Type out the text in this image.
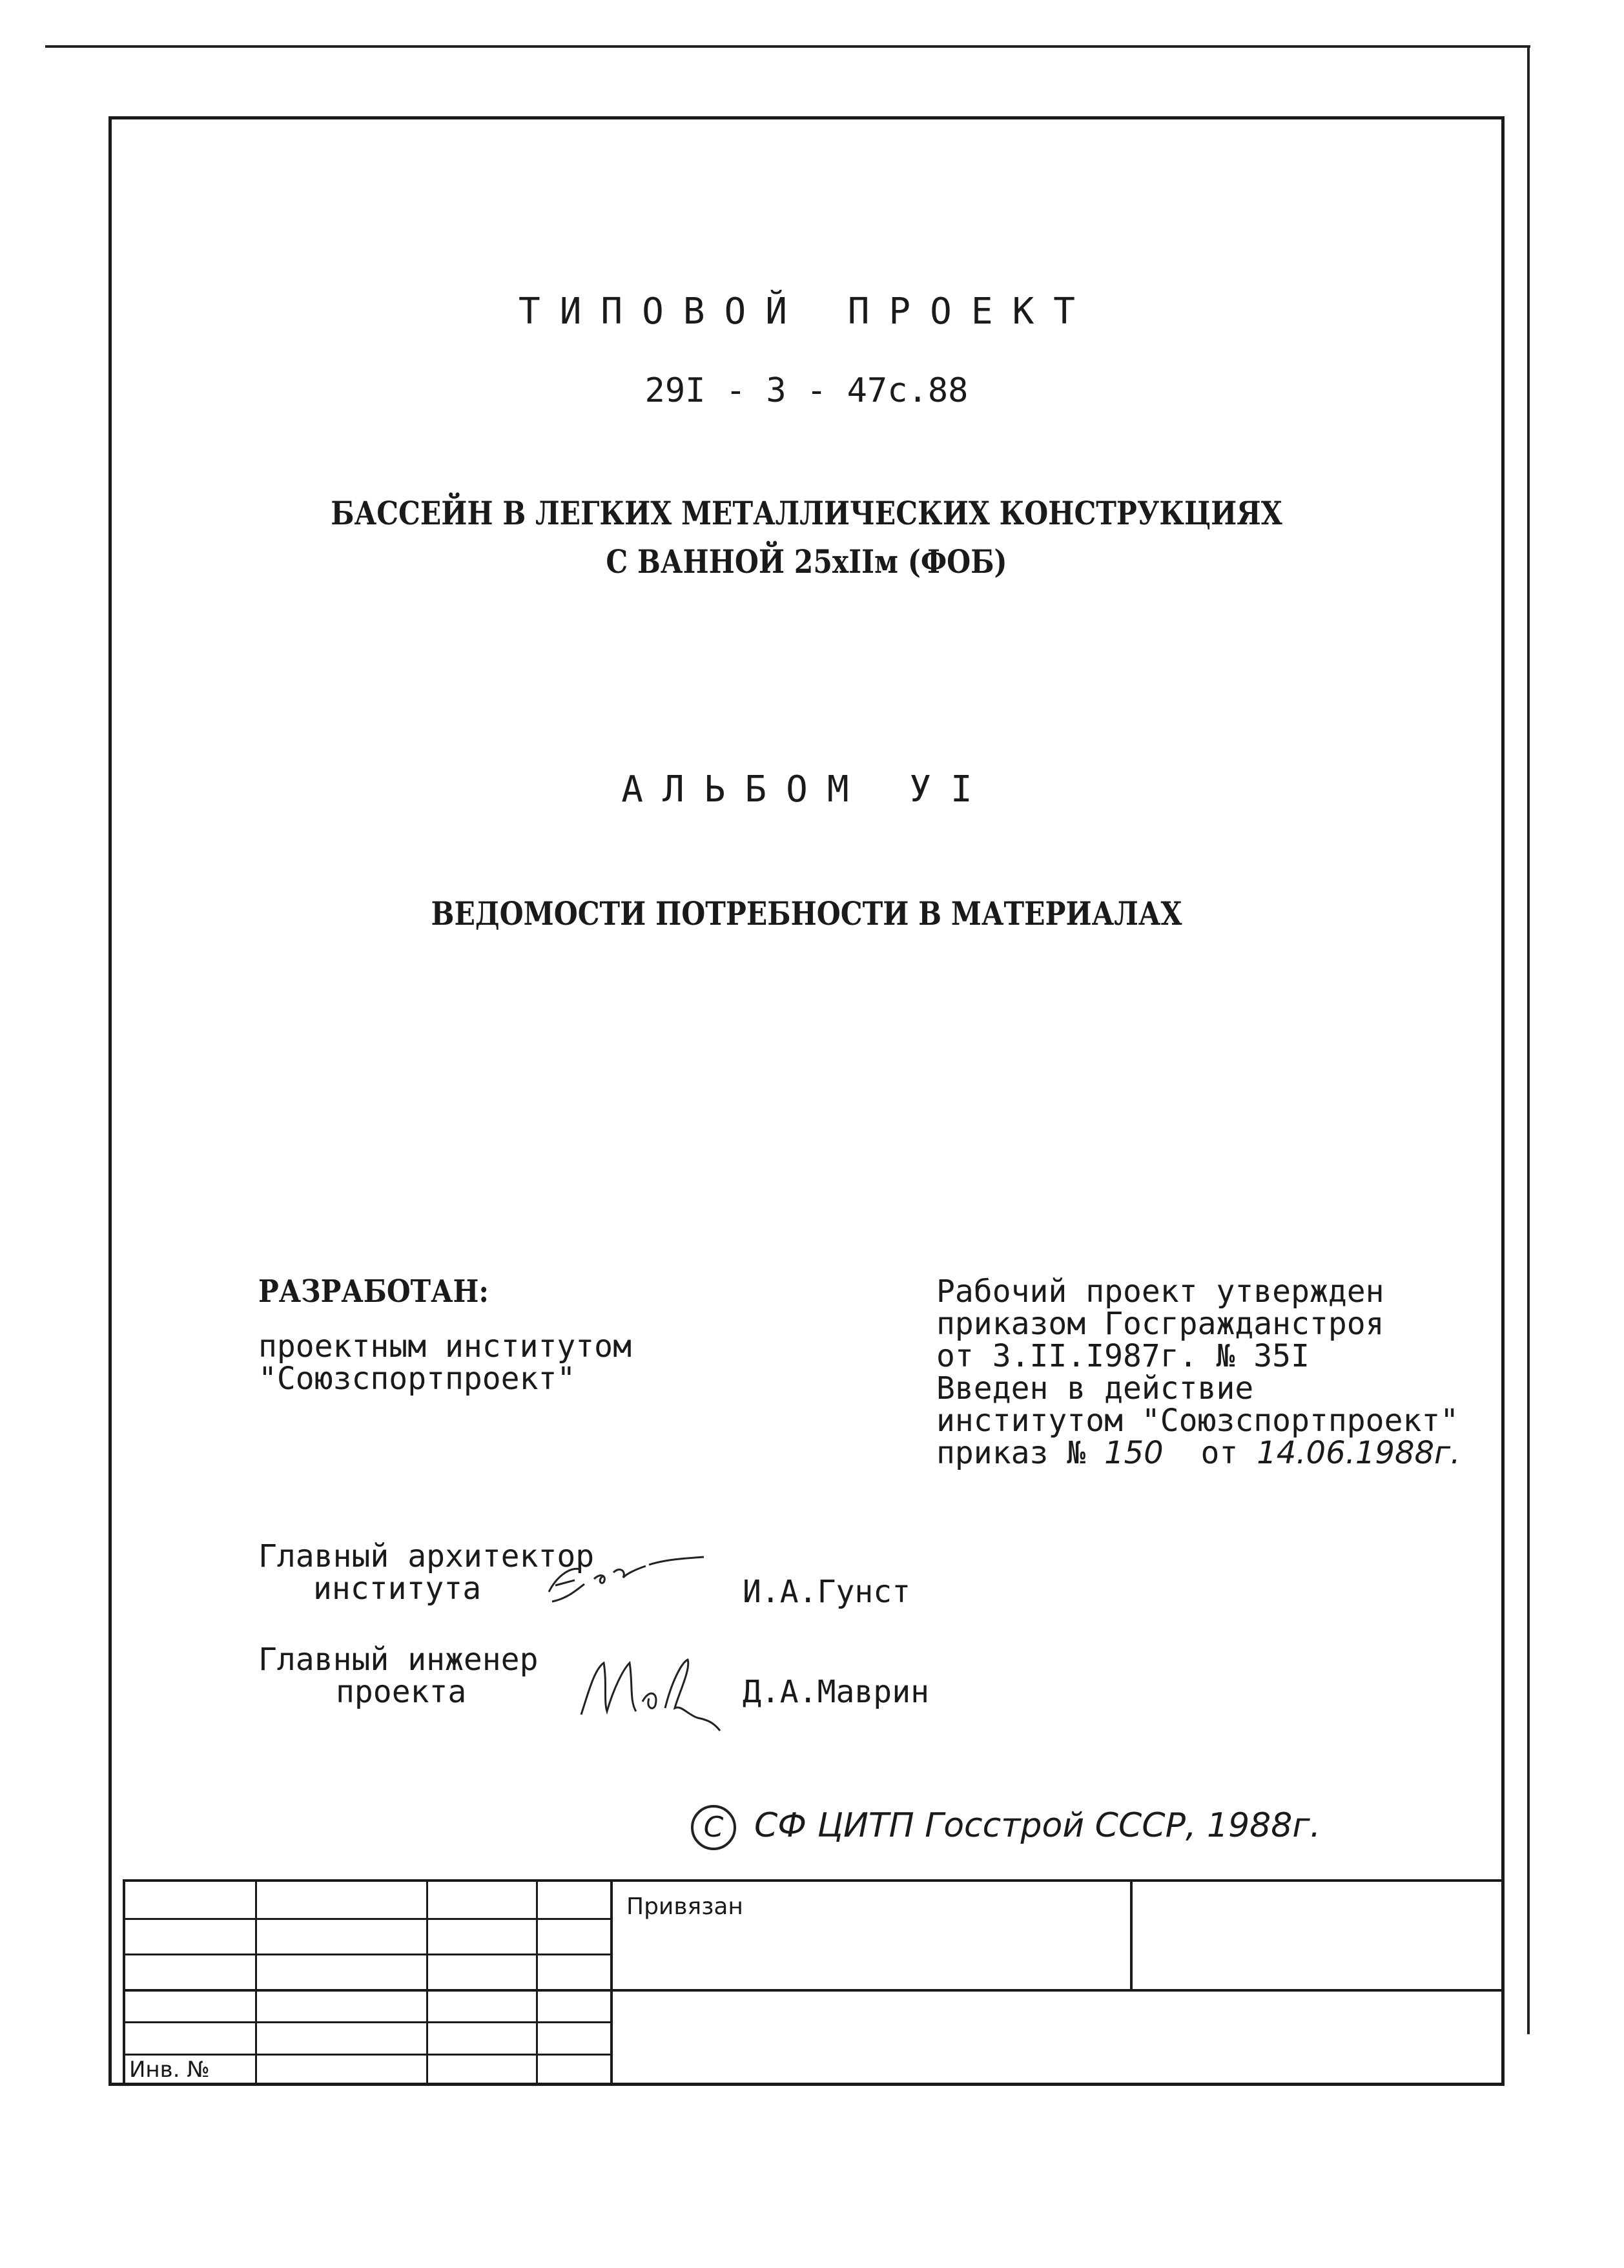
ТИПОВОЙ ПРОЕКТ
29I - 3 - 47с.88
БАССЕЙН В ЛЕГКИХ МЕТАЛЛИЧЕСКИХ КОНСТРУКЦИЯХ
С ВАННОЙ 25хIIм (ФОБ)
АЛЬБОМ УI
ВЕДОМОСТИ ПОТРЕБНОСТИ В МАТЕРИАЛАХ
РАЗРАБОТАН:
проектным институтом
"Союзспортпроект"
Рабочий проект утвержден
приказом Госгражданстроя
от 3.II.I987г. № 35I
Введен в действие
институтом "Союзспортпроект"
приказ № 150 от 14.06.1988г.
Главный архитектор
института	И.А.Гунст
Главный инженер
проекта	Д.А.Маврин
C СФ ЦИТП Госстрой СССР, 1988г.
Привязан
Инв. №
